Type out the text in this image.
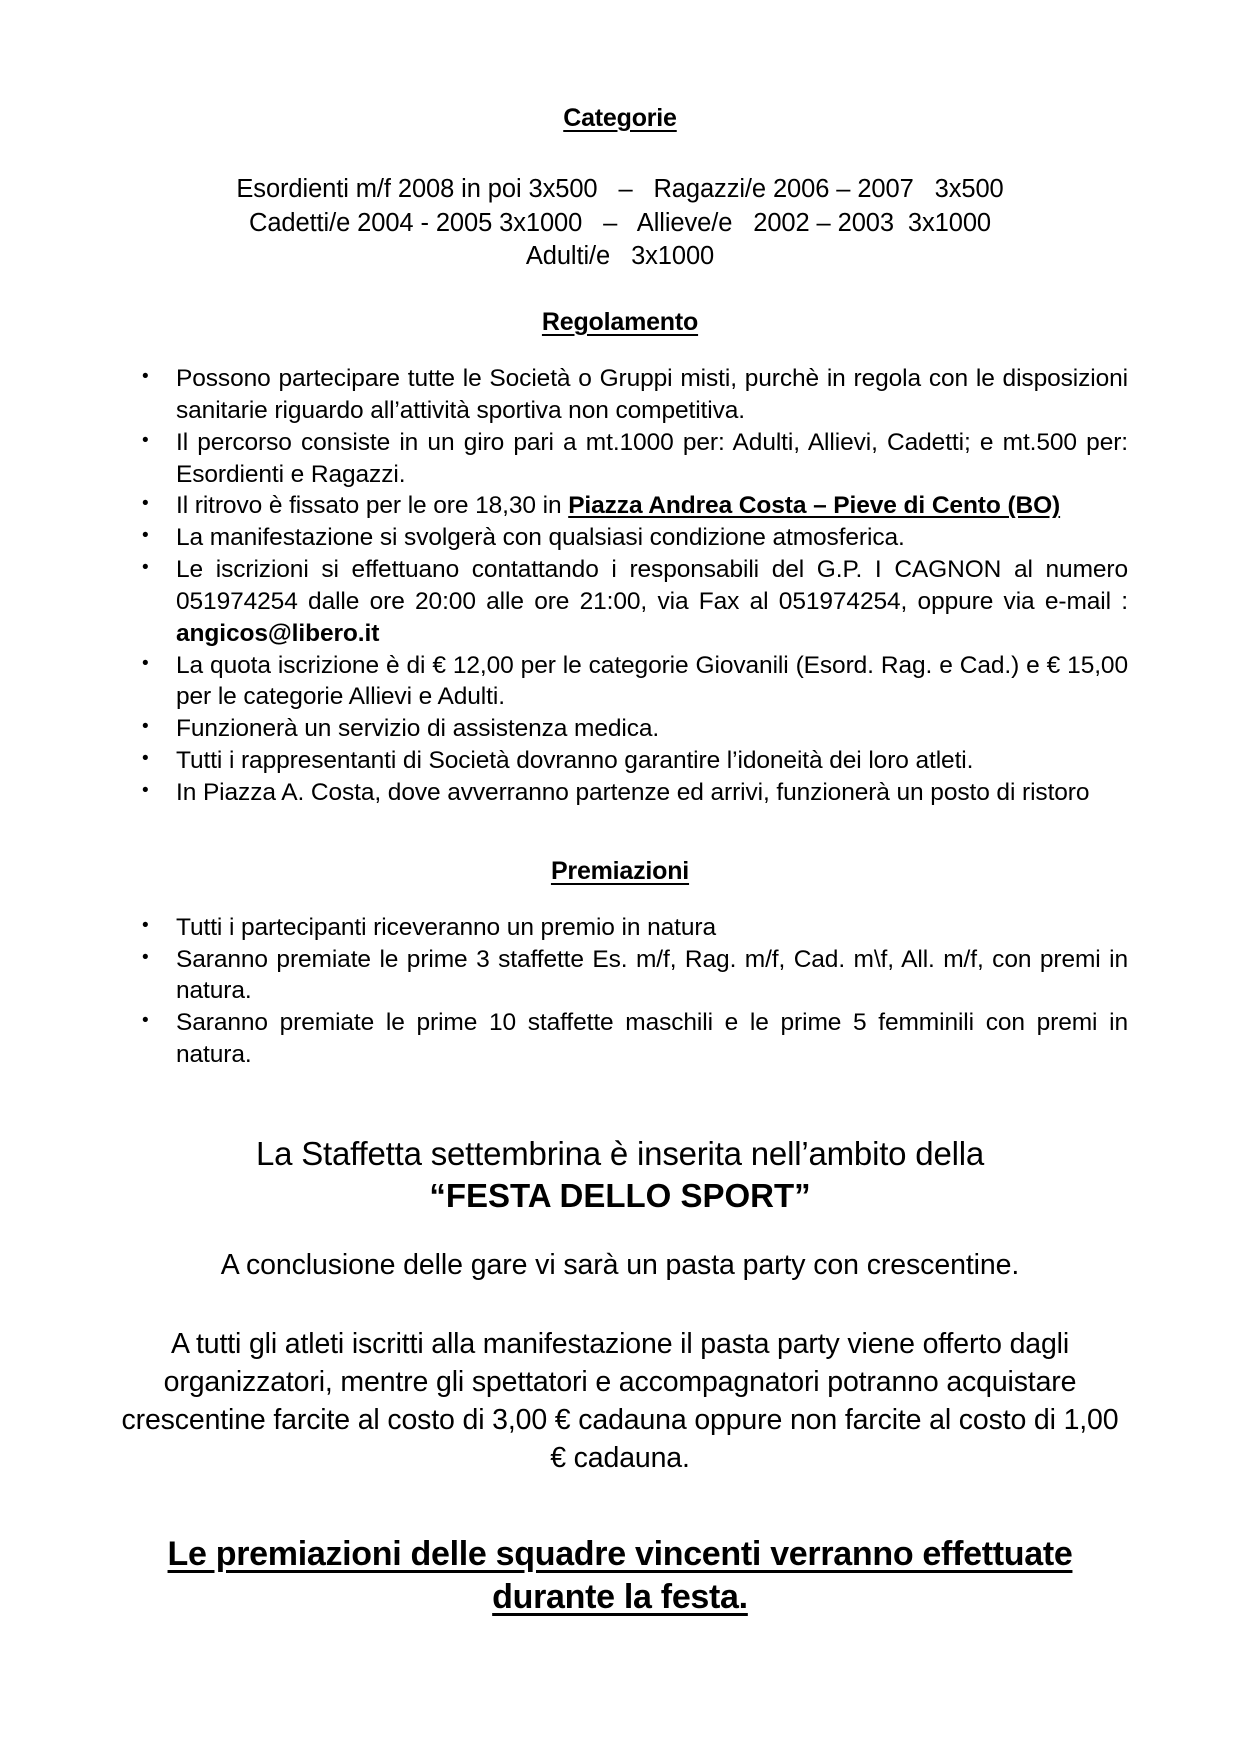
Categorie
Esordienti m/f 2008 in poi 3x500   –   Ragazzi/e 2006 – 2007   3x500
Cadetti/e 2004 - 2005 3x1000   –   Allieve/e   2002 – 2003  3x1000
Adulti/e   3x1000
Regolamento
• Possono partecipare tutte le Società o Gruppi misti, purchè in regola con le disposizioni sanitarie riguardo all’attività sportiva non competitiva.
• Il percorso consiste in un giro pari a mt.1000 per: Adulti, Allievi, Cadetti; e mt.500 per: Esordienti e Ragazzi.
• Il ritrovo è fissato per le ore 18,30 in Piazza Andrea Costa – Pieve di Cento (BO)
• La manifestazione si svolgerà con qualsiasi condizione atmosferica.
• Le iscrizioni si effettuano contattando i responsabili del G.P. I CAGNON al numero 051974254 dalle ore 20:00 alle ore 21:00, via Fax al 051974254, oppure via e-mail : angicos@libero.it
• La quota iscrizione è di € 12,00 per le categorie Giovanili (Esord. Rag. e Cad.) e € 15,00 per le categorie Allievi e Adulti.
• Funzionerà un servizio di assistenza medica.
• Tutti i rappresentanti di Società dovranno garantire l’idoneità dei loro atleti.
• In Piazza A. Costa, dove avverranno partenze ed arrivi, funzionerà un posto di ristoro
Premiazioni
• Tutti i partecipanti riceveranno un premio in natura
• Saranno premiate le prime 3 staffette Es. m/f, Rag. m/f, Cad. m\f, All. m/f, con premi in natura.
• Saranno premiate le prime 10 staffette maschili e le prime 5 femminili con premi in natura.

La Staffetta settembrina è inserita nell’ambito della
“FESTA DELLO SPORT”

A conclusione delle gare vi sarà un pasta party con crescentine.

A tutti gli atleti iscritti alla manifestazione il pasta party viene offerto dagli organizzatori, mentre gli spettatori e accompagnatori potranno acquistare crescentine farcite al costo di 3,00 € cadauna oppure non farcite al costo di 1,00 € cadauna.

Le premiazioni delle squadre vincenti verranno effettuate durante la festa.
